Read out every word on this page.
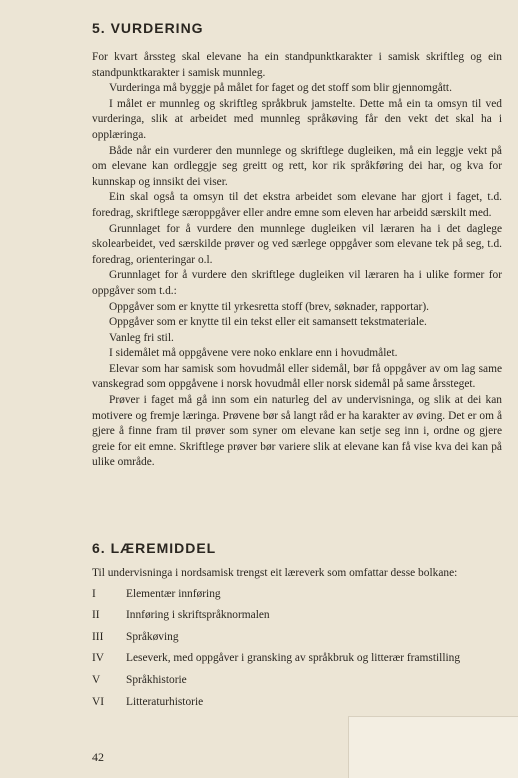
5. VURDERING

For kvart årssteg skal elevane ha ein standpunktkarakter i samisk skriftleg og ein standpunktkarakter i samisk munnleg.

Vurderinga må byggje på målet for faget og det stoff som blir gjennomgått.

I målet er munnleg og skriftleg språkbruk jamstelte. Dette må ein ta omsyn til ved vurderinga, slik at arbeidet med munnleg språkøving får den vekt det skal ha i opplæringa.

Både når ein vurderer den munnlege og skriftlege dugleiken, må ein leggje vekt på om elevane kan ordleggje seg greitt og rett, kor rik språkføring dei har, og kva for kunnskap og innsikt dei viser.

Ein skal også ta omsyn til det ekstra arbeidet som elevane har gjort i faget, t.d. foredrag, skriftlege særoppgåver eller andre emne som eleven har arbeidd særskilt med.

Grunnlaget for å vurdere den munnlege dugleiken vil læraren ha i det daglege skolearbeidet, ved særskilde prøver og ved særlege oppgåver som elevane tek på seg, t.d. foredrag, orienteringar o.l.

Grunnlaget for å vurdere den skriftlege dugleiken vil læraren ha i ulike former for oppgåver som t.d.:

Oppgåver som er knytte til yrkesretta stoff (brev, søknader, rapportar).

Oppgåver som er knytte til ein tekst eller eit samansett tekstmateriale.

Vanleg fri stil.

I sidemålet må oppgåvene vere noko enklare enn i hovudmålet.

Elevar som har samisk som hovudmål eller sidemål, bør få oppgåver av om lag same vanskegrad som oppgåvene i norsk hovudmål eller norsk sidemål på same årssteget.

Prøver i faget må gå inn som ein naturleg del av undervisninga, og slik at dei kan motivere og fremje læringa. Prøvene bør så langt råd er ha karakter av øving. Det er om å gjere å finne fram til prøver som syner om elevane kan setje seg inn i, ordne og gjere greie for eit emne. Skriftlege prøver bør variere slik at elevane kan få vise kva dei kan på ulike område.

6. LÆREMIDDEL

Til undervisninga i nordsamisk trengst eit læreverk som omfattar desse bolkane:

I	Elementær innføring
II	Innføring i skriftspråknormalen
III	Språkøving
IV	Leseverk, med oppgåver i gransking av språkbruk og litterær framstilling
V	Språkhistorie
VI	Litteraturhistorie
42
